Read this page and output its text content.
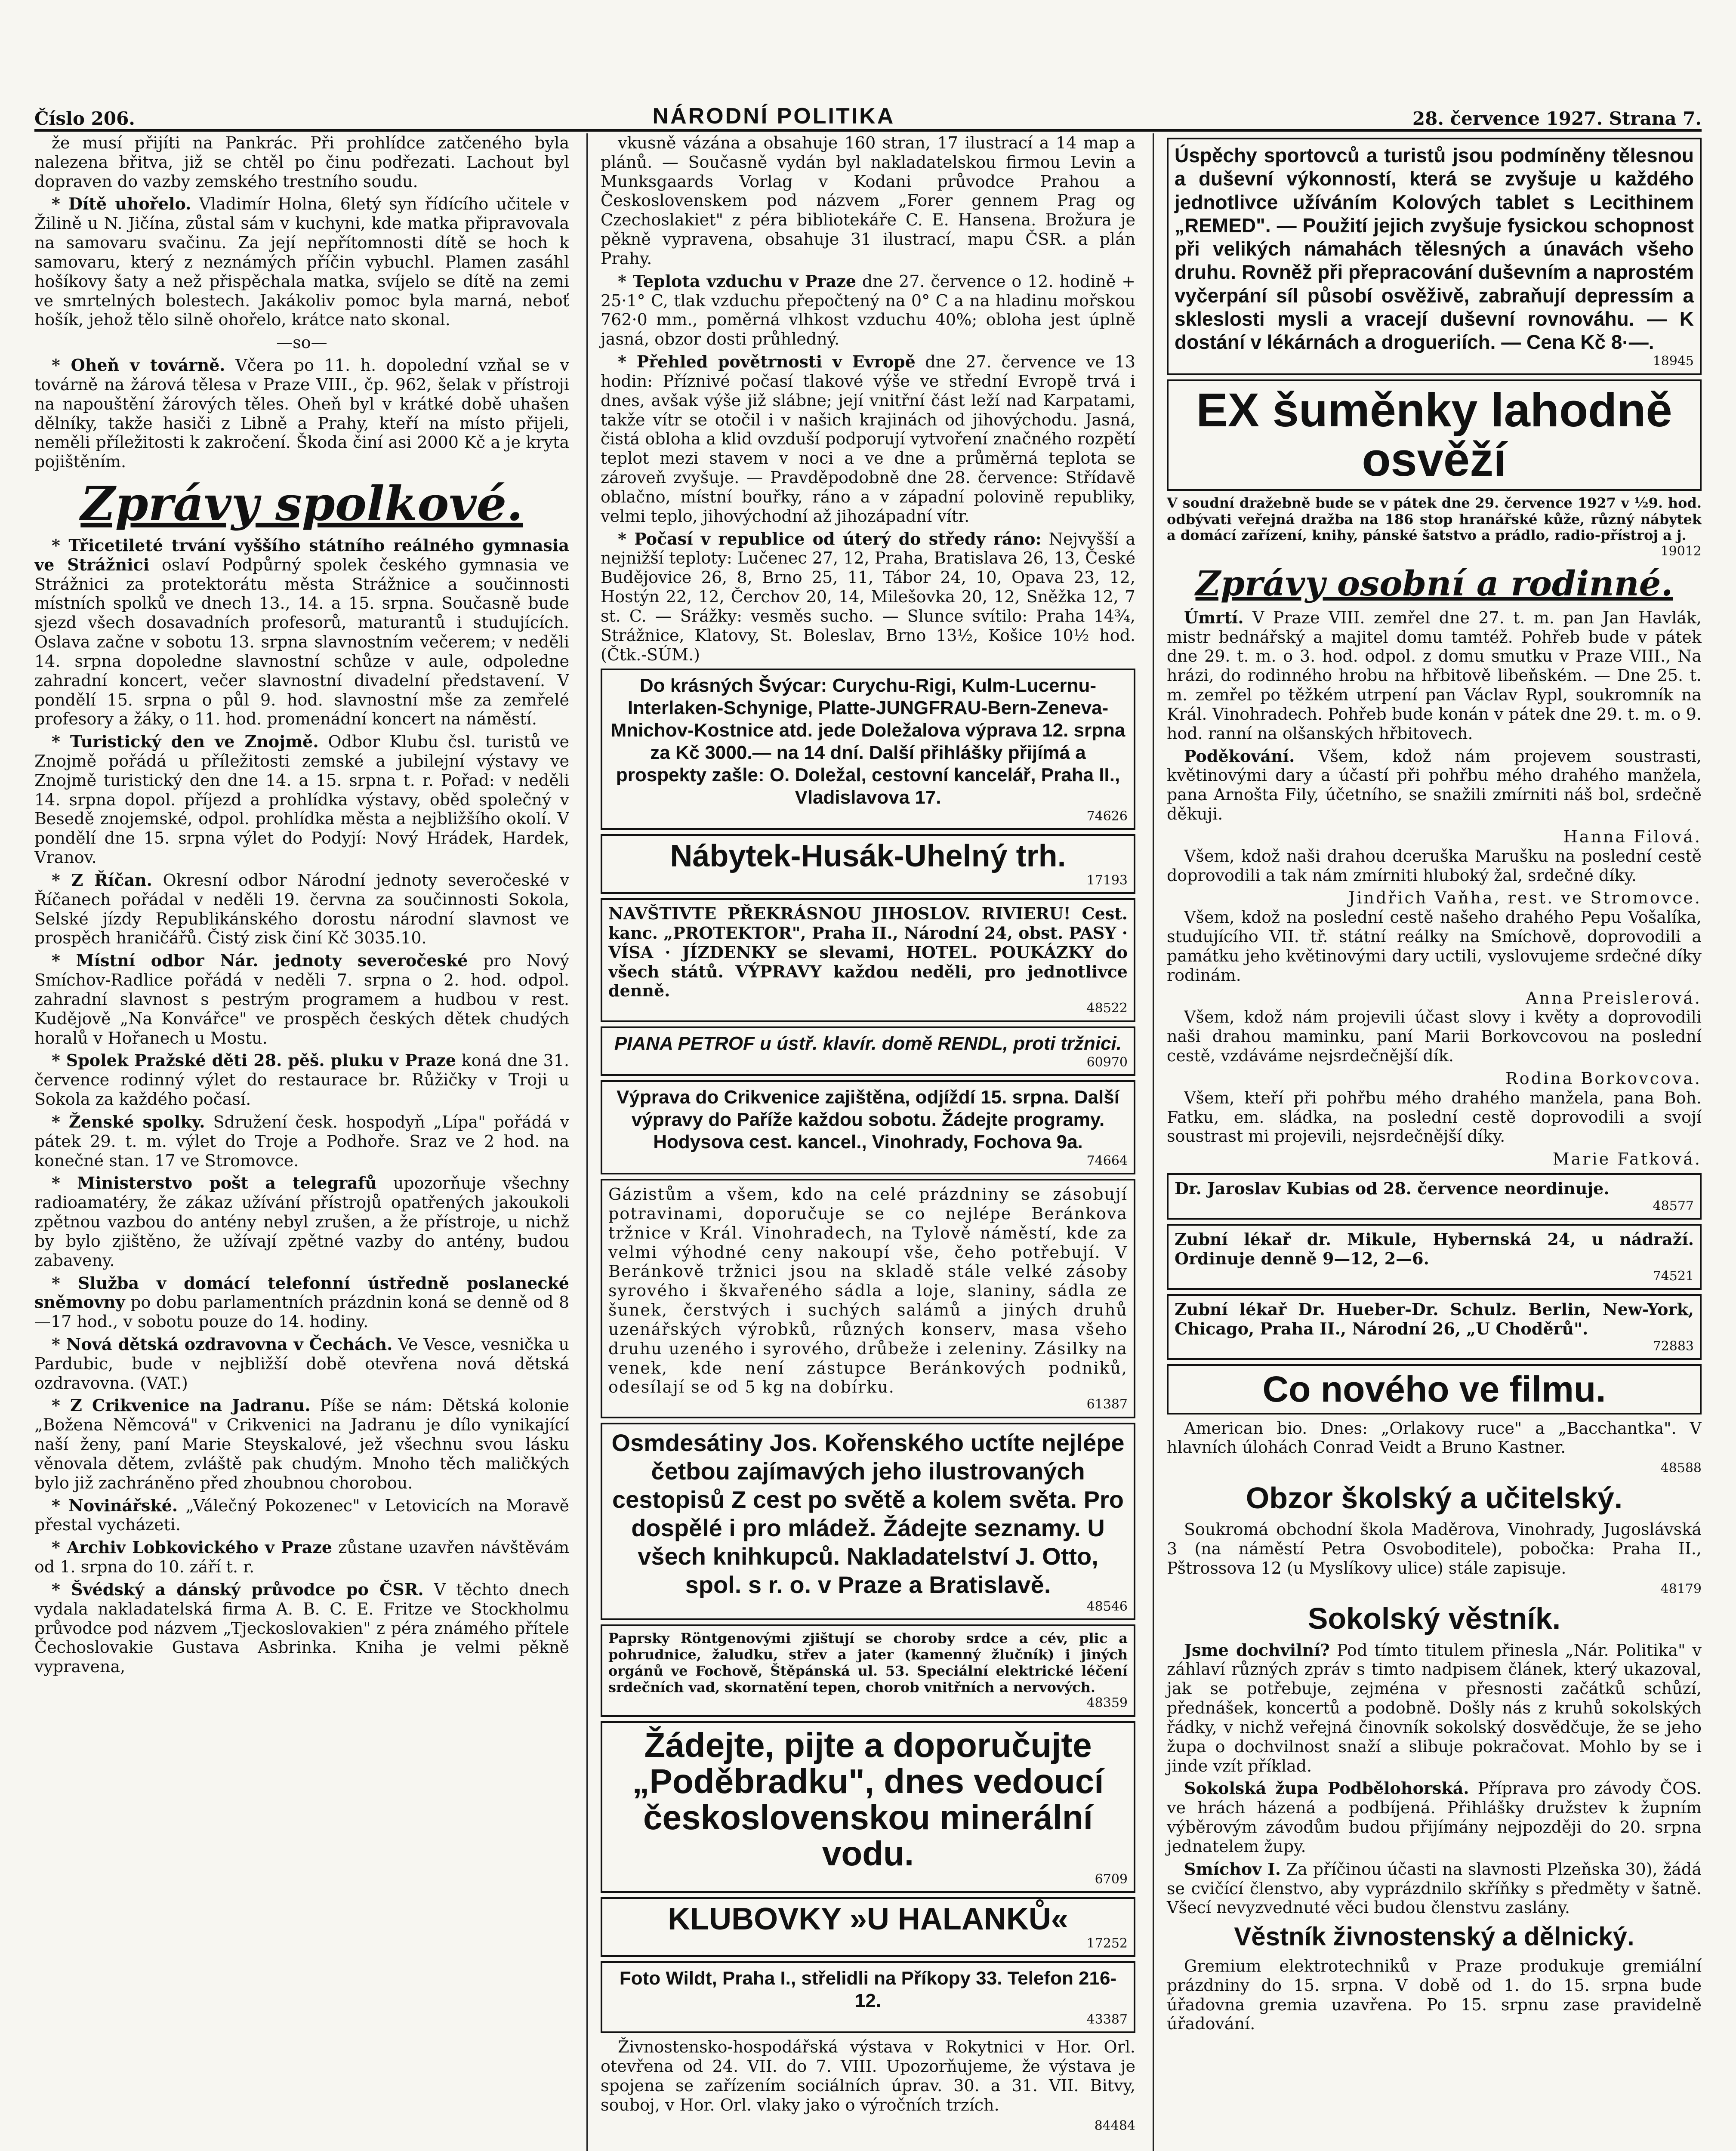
Číslo 206.	NÁRODNÍ POLITIKA	28. července 1927. Strana 7.

že musí přijíti na Pankrác. Při prohlídce zatčeného byla nalezena břitva, již se chtěl po činu podřezati. Lachout byl dopraven do vazby zemského trestního soudu.

* Dítě uhořelo. Vladimír Holna, 6letý syn řídícího učitele v Žilině u N. Jičína, zůstal sám v kuchyni, kde matka připravovala na samovaru svačinu. Za její nepřítomnosti dítě se hoch k samovaru, který z neznámých příčin vybuchl. Plamen zasáhl hošíkovy šaty a než přispěchala matka, svíjelo se dítě na zemi ve smrtelných bolestech. Jakákoliv pomoc byla marná, neboť hošík, jehož tělo silně ohořelo, krátce nato skonal.

—so—

* Oheň v továrně. Včera po 11. h. dopolední vzňal se v továrně na žárová tělesa v Praze VIII., čp. 962, šelak v přístroji na napouštění žárových těles. Oheň byl v krátké době uhašen dělníky, takže hasiči z Libně a Prahy, kteří na místo přijeli, neměli příležitosti k zakročení. Škoda činí asi 2000 Kč a je kryta pojištěním.

Zprávy spolkové.

* Třicetileté trvání vyššího státního reálného gymnasia ve Strážnici oslaví Podpůrný spolek českého gymnasia ve Strážnici za protektorátu města Strážnice a součinnosti místních spolků ve dnech 13., 14. a 15. srpna. Současně bude sjezd všech dosavadních profesorů, maturantů i studujících. Oslava začne v sobotu 13. srpna slavnostním večerem; v neděli 14. srpna dopoledne slavnostní schůze v aule, odpoledne zahradní koncert, večer slavnostní divadelní představení. V pondělí 15. srpna o půl 9. hod. slavnostní mše za zemřelé profesory a žáky, o 11. hod. promenádní koncert na náměstí.

* Turistický den ve Znojmě. Odbor Klubu čsl. turistů ve Znojmě pořádá u příležitosti zemské a jubilejní výstavy ve Znojmě turistický den dne 14. a 15. srpna t. r. Pořad: v neděli 14. srpna dopol. příjezd a prohlídka výstavy, oběd společný v Besedě znojemské, odpol. prohlídka města a nejbližšího okolí. V pondělí dne 15. srpna výlet do Podyjí: Nový Hrádek, Hardek, Vranov.

* Z Říčan. Okresní odbor Národní jednoty severočeské v Říčanech pořádal v neděli 19. června za součinnosti Sokola, Selské jízdy Republikánského dorostu národní slavnost ve prospěch hraničářů. Čistý zisk činí Kč 3035.10.

* Místní odbor Nár. jednoty severočeské pro Nový Smíchov-Radlice pořádá v neděli 7. srpna o 2. hod. odpol. zahradní slavnost s pestrým programem a hudbou v rest. Kudějově „Na Konvářce" ve prospěch českých dětek chudých horalů v Hořanech u Mostu.

* Spolek Pražské děti 28. pěš. pluku v Praze koná dne 31. července rodinný výlet do restaurace br. Růžičky v Troji u Sokola za každého počasí.

* Ženské spolky. Sdružení česk. hospodyň „Lípa" pořádá v pátek 29. t. m. výlet do Troje a Podhoře. Sraz ve 2 hod. na konečné stan. 17 ve Stromovce.

* Ministerstvo pošt a telegrafů upozorňuje všechny radioamatéry, že zákaz užívání přístrojů opatřených jakoukoli zpětnou vazbou do antény nebyl zrušen, a že přístroje, u nichž by bylo zjištěno, že užívají zpětné vazby do antény, budou zabaveny.

* Služba v domácí telefonní ústředně poslanecké sněmovny po dobu parlamentních prázdnin koná se denně od 8—17 hod., v sobotu pouze do 14. hodiny.

* Nová dětská ozdravovna v Čechách. Ve Vesce, vesnička u Pardubic, bude v nejbližší době otevřena nová dětská ozdravovna. (VAT.)

* Z Crikvenice na Jadranu. Píše se nám: Dětská kolonie „Božena Němcová" v Crikvenici na Jadranu je dílo vynikající naší ženy, paní Marie Steyskalové, jež všechnu svou lásku věnovala dětem, zvláště pak chudým. Mnoho těch maličkých bylo již zachráněno před zhoubnou chorobou.

* Novinářské. „Válečný Pokozenec" v Letovicích na Moravě přestal vycházeti.

* Archiv Lobkovického v Praze zůstane uzavřen návštěvám od 1. srpna do 10. září t. r.

* Švédský a dánský průvodce po ČSR. V těchto dnech vydala nakladatelská firma A. B. C. E. Fritze ve Stockholmu průvodce pod názvem „Tjeckoslovakien" z péra známého přítele Čechoslovakie Gustava Asbrinka. Kniha je velmi pěkně vypravena,

vkusně vázána a obsahuje 160 stran, 17 ilustrací a 14 map a plánů. — Současně vydán byl nakladatelskou firmou Levin a Munksgaards Vorlag v Kodani průvodce Prahou a Československem pod názvem „Forer gennem Prag og Czechoslakiet" z péra bibliotekáře C. E. Hansena. Brožura je pěkně vypravena, obsahuje 31 ilustrací, mapu ČSR. a plán Prahy.

* Teplota vzduchu v Praze dne 27. července o 12. hodině + 25·1° C, tlak vzduchu přepočtený na 0° C a na hladinu mořskou 762·0 mm., poměrná vlhkost vzduchu 40%; obloha jest úplně jasná, obzor dosti průhledný.

* Přehled povětrnosti v Evropě dne 27. července ve 13 hodin: Příznivé počasí tlakové výše ve střední Evropě trvá i dnes, avšak výše již slábne; její vnitřní část leží nad Karpatami, takže vítr se otočil i v našich krajinách od jihovýchodu. Jasná, čistá obloha a klid ovzduší podporují vytvoření značného rozpětí teplot mezi stavem v noci a ve dne a průměrná teplota se zároveň zvyšuje. — Pravděpodobně dne 28. července: Střídavě oblačno, místní bouřky, ráno a v západní polovině republiky, velmi teplo, jihovýchodní až jihozápadní vítr.

* Počasí v republice od úterý do středy ráno: Nejvyšší a nejnižší teploty: Lučenec 27, 12, Praha, Bratislava 26, 13, České Budějovice 26, 8, Brno 25, 11, Tábor 24, 10, Opava 23, 12, Hostýn 22, 12, Čerchov 20, 14, Milešovka 20, 12, Sněžka 12, 7 st. C. — Srážky: vesměs sucho. — Slunce svítilo: Praha 14¾, Strážnice, Klatovy, St. Boleslav, Brno 13½, Košice 10½ hod. (Čtk.-SÚM.)

Do krásných Švýcar: Curychu-Rigi, Kulm-Lucernu-Interlaken-Schynige, Platte-JUNGFRAU-Bern-Zeneva-Mnichov-Kostnice atd. jede Doležalova výprava 12. srpna za Kč 3000.— na 14 dní. Další přihlášky přijímá a prospekty zašle: O. Doležal, cestovní kancelář, Praha II., Vladislavova 17.
74626
Nábytek-Husák-Uhelný trh.
17193
NAVŠTIVTE PŘEKRÁSNOU JIHOSLOV. RIVIERU! Cest. kanc. „PROTEKTOR", Praha II., Národní 24, obst. PASY · VÍSA · JÍZDENKY se slevami, HOTEL. POUKÁZKY do všech států. VÝPRAVY každou neděli, pro jednotlivce denně.
48522
PIANA PETROF u ústř. klavír. domě RENDL, proti tržnici.
60970
Výprava do Crikvenice zajištěna, odjíždí 15. srpna. Další výpravy do Paříže každou sobotu. Žádejte programy. Hodysova cest. kancel., Vinohrady, Fochova 9a.
74664
Gázistům a všem, kdo na celé prázdniny se zásobují potravinami, doporučuje se co nejlépe Beránkova tržnice v Král. Vinohradech, na Tylově náměstí, kde za velmi výhodné ceny nakoupí vše, čeho potřebují. V Beránkově tržnici jsou na skladě stále velké zásoby syrového i škvařeného sádla a loje, slaniny, sádla ze šunek, čerstvých i suchých salámů a jiných druhů uzenářských výrobků, různých konserv, masa všeho druhu uzeného i syrového, drůbeže i zeleniny. Zásilky na venek, kde není zástupce Beránkových podniků, odesílají se od 5 kg na dobírku.
61387
Osmdesátiny Jos. Kořenského uctíte nejlépe četbou zajímavých jeho ilustrovaných cestopisů Z cest po světě a kolem světa. Pro dospělé i pro mládež. Žádejte seznamy. U všech knihkupců. Nakladatelství J. Otto, spol. s r. o. v Praze a Bratislavě.
48546
Paprsky Röntgenovými zjištují se choroby srdce a cév, plic a pohrudnice, žaludku, střev a jater (kamenný žlučník) i jiných orgánů ve Fochově, Štěpánská ul. 53. Speciální elektrické léčení srdečních vad, skornatění tepen, chorob vnitřních a nervových.
48359
Žádejte, pijte a doporučujte „Poděbradku", dnes vedoucí československou minerální vodu.
6709
KLUBOVKY »U HALANKŮ«
17252
Foto Wildt, Praha I., střelidli na Příkopy 33. Telefon 216-12.
43387

Živnostensko-hospodářská výstava v Rokytnici v Hor. Orl. otevřena od 24. VII. do 7. VIII. Upozorňujeme, že výstava je spojena se zařízením sociálních úprav. 30. a 31. VII. Bitvy, souboj, v Hor. Orl. vlaky jako o výročních trzích.

84484
Úspěchy sportovců a turistů jsou podmíněny tělesnou a duševní výkonností, která se zvyšuje u každého jednotlivce užíváním Kolových tablet s Lecithinem „REMED". — Použití jejich zvyšuje fysickou schopnost při velikých námahách tělesných a únavách všeho druhu. Rovněž při přepracování duševním a naprostém vyčerpání síl působí osvěživě, zabraňují depressím a skleslosti mysli a vracejí duševní rovnováhu. — K dostání v lékárnách a drogueriích. — Cena Kč 8·—.
18945
EX šuměnky lahodně osvěží
V soudní dražebně bude se v pátek dne 29. července 1927 v ½9. hod. odbývati veřejná dražba na 186 stop hranářské kůže, různý nábytek a domácí zařízení, knihy, pánské šatstvo a prádlo, radio-přístroj a j.
19012
Zprávy osobní a rodinné.

Úmrtí. V Praze VIII. zemřel dne 27. t. m. pan Jan Havlák, mistr bednářský a majitel domu tamtéž. Pohřeb bude v pátek dne 29. t. m. o 3. hod. odpol. z domu smutku v Praze VIII., Na hrázi, do rodinného hrobu na hřbitově libeňském. — Dne 25. t. m. zemřel po těžkém utrpení pan Václav Rypl, soukromník na Král. Vinohradech. Pohřeb bude konán v pátek dne 29. t. m. o 9. hod. ranní na olšanských hřbitovech.

Poděkování. Všem, kdož nám projevem soustrasti, květinovými dary a účastí při pohřbu mého drahého manžela, pana Arnošta Fily, účetního, se snažili zmírniti náš bol, srdečně děkuji.

Hanna Filová.

Všem, kdož naši drahou dceruška Marušku na poslední cestě doprovodili a tak nám zmírniti hluboký žal, srdečné díky.

Jindřich Vaňha, rest. ve Stromovce.

Všem, kdož na poslední cestě našeho drahého Pepu Vošalíka, studujícího VII. tř. státní reálky na Smíchově, doprovodili a památku jeho květinovými dary uctili, vyslovujeme srdečné díky rodinám.

Anna Preislerová.

Všem, kdož nám projevili účast slovy i květy a doprovodili naši drahou maminku, paní Marii Borkovcovou na poslední cestě, vzdáváme nejsrdečnější dík.

Rodina Borkovcova.

Všem, kteří při pohřbu mého drahého manžela, pana Boh. Fatku, em. sládka, na poslední cestě doprovodili a svojí soustrast mi projevili, nejsrdečnější díky.

Marie Fatková.
Dr. Jaroslav Kubias od 28. července neordinuje.
48577
Zubní lékař dr. Mikule, Hybernská 24, u nádraží. Ordinuje denně 9—12, 2—6.
74521
Zubní lékař Dr. Hueber-Dr. Schulz. Berlin, New-York, Chicago, Praha II., Národní 26, „U Choděrů".
72883
Co nového ve filmu.

American bio. Dnes: „Orlakovy ruce" a „Bacchantka". V hlavních úlohách Conrad Veidt a Bruno Kastner.

48588
Obzor školský a učitelský.

Soukromá obchodní škola Maděrova, Vinohrady, Jugoslávská 3 (na náměstí Petra Osvoboditele), pobočka: Praha II., Pštrossova 12 (u Myslíkovy ulice) stále zapisuje.

48179
Sokolský věstník.

Jsme dochvilní? Pod tímto titulem přinesla „Nár. Politika" v záhlaví různých zpráv s timto nadpisem článek, který ukazoval, jak se potřebuje, zejména v přesnosti začátků schůzí, přednášek, koncertů a podobně. Došly nás z kruhů sokolských řádky, v nichž veřejná činovník sokolský dosvědčuje, že se jeho župa o dochvilnost snaží a slibuje pokračovat. Mohlo by se i jinde vzít příklad.

Sokolská župa Podbělohorská. Příprava pro závody ČOS. ve hrách házená a podbíjená. Přihlášky družstev k župním výběrovým závodům budou přijímány nejpozději do 20. srpna jednatelem župy.

Smíchov I. Za příčinou účasti na slavnosti Plzeňska 30), žádá se cvičící členstvo, aby vyprázdnilo skříňky s předměty v šatně. Všecí nevyzvednuté věci budou členstvu zaslány.

Věstník živnostenský a dělnický.

Gremium elektrotechniků v Praze produkuje gremiální prázdniny do 15. srpna. V době od 1. do 15. srpna bude úřadovna gremia uzavřena. Po 15. srpnu zase pravidelně úřadování.
